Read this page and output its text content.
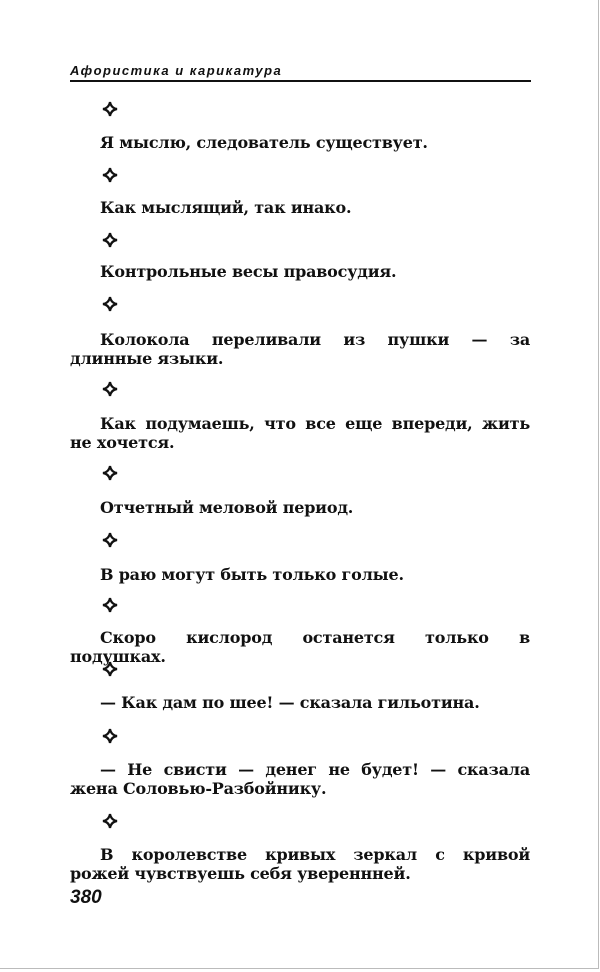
Афористика и карикатура
Я мыслю, следователь существует.
Как мыслящий, так инако.
Контрольные весы правосудия.
Колокола переливали из пушки — за длинные языки.
Как подумаешь, что все еще впереди, жить не хочется.
Отчетный меловой период.
В раю могут быть только голые.
Скоро кислород останется только в подушках.
— Как дам по шее! — сказала гильотина.
— Не свисти — денег не будет! — сказала жена Соловью-Разбойнику.
В королевстве кривых зеркал с кривой рожей чувствуешь себя увереннней.
380
